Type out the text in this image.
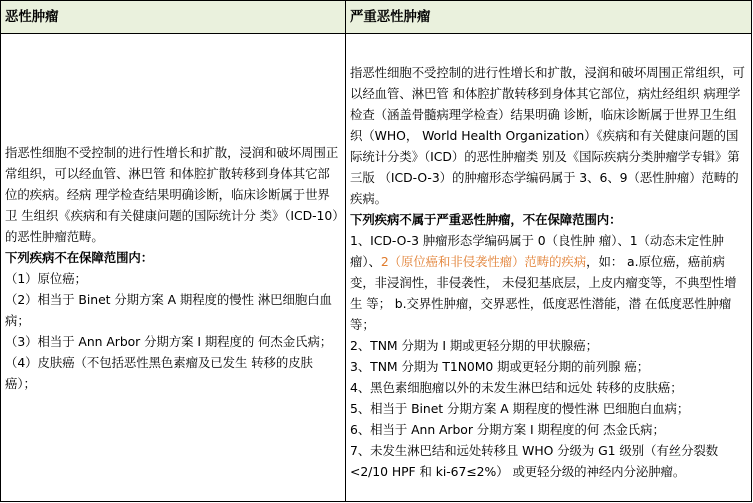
恶性肿瘤	严重恶性肿瘤

指恶性细胞不受控制的进行性增长和扩散，浸润和破坏周围正常组织，可以经血管、淋巴管 和体腔扩散转移到身体其它部位的疾病。经病 理学检查结果明确诊断，临床诊断属于世界卫 生组织《疾病和有关健康问题的国际统计分 类》（ICD-10）的恶性肿瘤范畴。

下列疾病不在保障范围内：

（1）原位癌；

（2）相当于 Binet 分期方案 A 期程度的慢性 淋巴细胞白血病；

（3）相当于 Ann Arbor 分期方案 I 期程度的 何杰金氏病；

（4）皮肤癌（不包括恶性黑色素瘤及已发生 转移的皮肤癌）；

指恶性细胞不受控制的进行性增长和扩散，浸润和破坏周围正常组织，可以经血管、淋巴管 和体腔扩散转移到身体其它部位，病灶经组织 病理学检查（涵盖骨髓病理学检查）结果明确 诊断，临床诊断属于世界卫生组织（WHO， World Health Organization）《疾病和有关健康问题的国际统计分类》（ICD）的恶性肿瘤类 别及《国际疾病分类肿瘤学专辑》第三版 （ICD-O-3）的肿瘤形态学编码属于 3、6、9（恶性肿瘤）范畴的疾病。

下列疾病不属于严重恶性肿瘤，不在保障范围内：

1、ICD-O-3 肿瘤形态学编码属于 0（良性肿 瘤）、1（动态未定性肿瘤）、2（原位癌和非侵袭性瘤）范畴的疾病，如： a.原位癌，癌前病变，非浸润性，非侵袭性， 未侵犯基底层，上皮内瘤变等，不典型性增生 等； b.交界性肿瘤，交界恶性，低度恶性潜能，潜 在低度恶性肿瘤等；

2、TNM 分期为 I 期或更轻分期的甲状腺癌；

3、TNM 分期为 T1N0M0 期或更轻分期的前列腺 癌；

4、黑色素细胞瘤以外的未发生淋巴结和远处 转移的皮肤癌；

5、相当于 Binet 分期方案 A 期程度的慢性淋 巴细胞白血病；

6、相当于 Ann Arbor 分期方案 I 期程度的何 杰金氏病；

7、未发生淋巴结和远处转移且 WHO 分级为 G1 级别（有丝分裂数<2/10 HPF 和 ki-67≤2%） 或更轻分级的神经内分泌肿瘤。
